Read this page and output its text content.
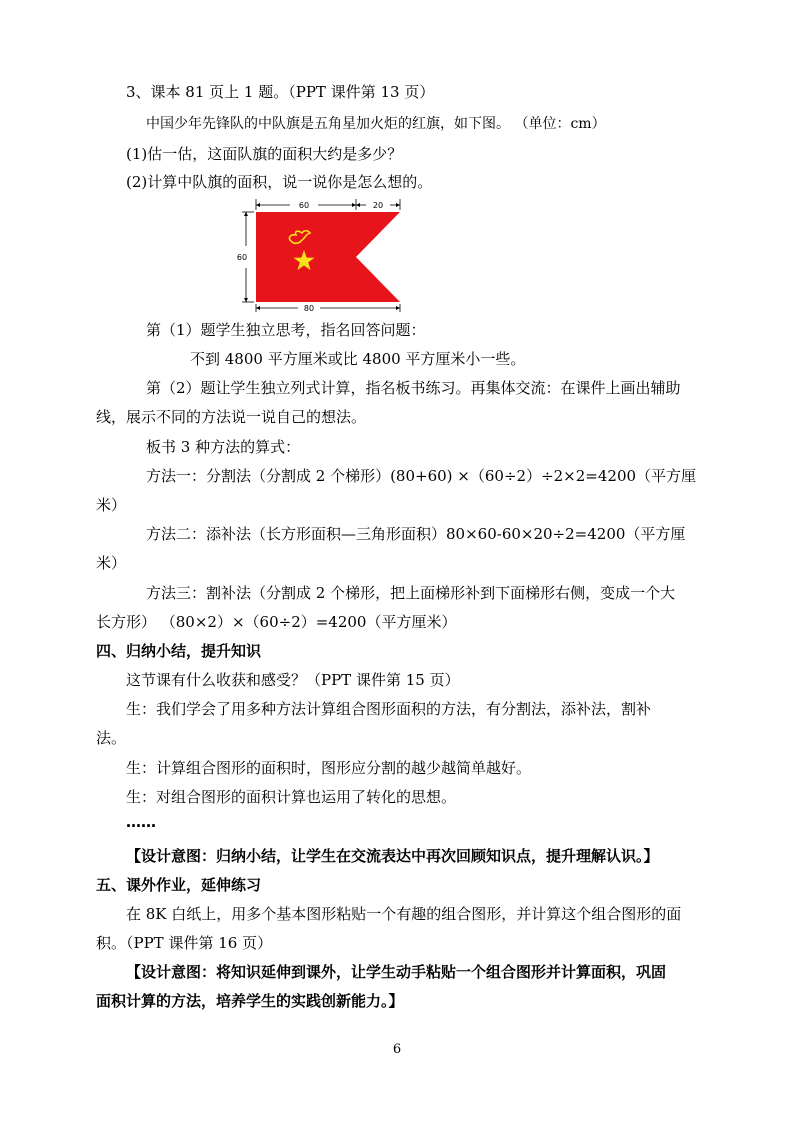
3、课本 81 页上 1 题。（PPT 课件第 13 页）
中国少年先锋队的中队旗是五角星加火炬的红旗，如下图。 （单位：cm）
(1)估一估，这面队旗的面积大约是多少？
(2)计算中队旗的面积，说一说你是怎么想的。
60	20
60
80
第（1）题学生独立思考，指名回答问题：
不到 4800 平方厘米或比 4800 平方厘米小一些。
第（2）题让学生独立列式计算，指名板书练习。再集体交流：在课件上画出辅助
线，展示不同的方法说一说自己的想法。
板书 3 种方法的算式：
方法一：分割法（分割成 2 个梯形）(80+60) ×（60÷2）÷2×2=4200（平方厘
米）
方法二：添补法（长方形面积—三角形面积）80×60-60×20÷2=4200（平方厘
米）
方法三：割补法（分割成 2 个梯形，把上面梯形补到下面梯形右侧，变成一个大
长方形） （80×2）×（60÷2）=4200（平方厘米）
四、归纳小结，提升知识
这节课有什么收获和感受？（PPT 课件第 15 页）
生：我们学会了用多种方法计算组合图形面积的方法，有分割法，添补法，割补
法。
生：计算组合图形的面积时，图形应分割的越少越简单越好。
生：对组合图形的面积计算也运用了转化的思想。
……
【设计意图：归纳小结，让学生在交流表达中再次回顾知识点，提升理解认识。】
五、课外作业，延伸练习
在 8K 白纸上，用多个基本图形粘贴一个有趣的组合图形，并计算这个组合图形的面
积。（PPT 课件第 16 页）
【设计意图：将知识延伸到课外，让学生动手粘贴一个组合图形并计算面积，巩固
面积计算的方法，培养学生的实践创新能力。】
6
